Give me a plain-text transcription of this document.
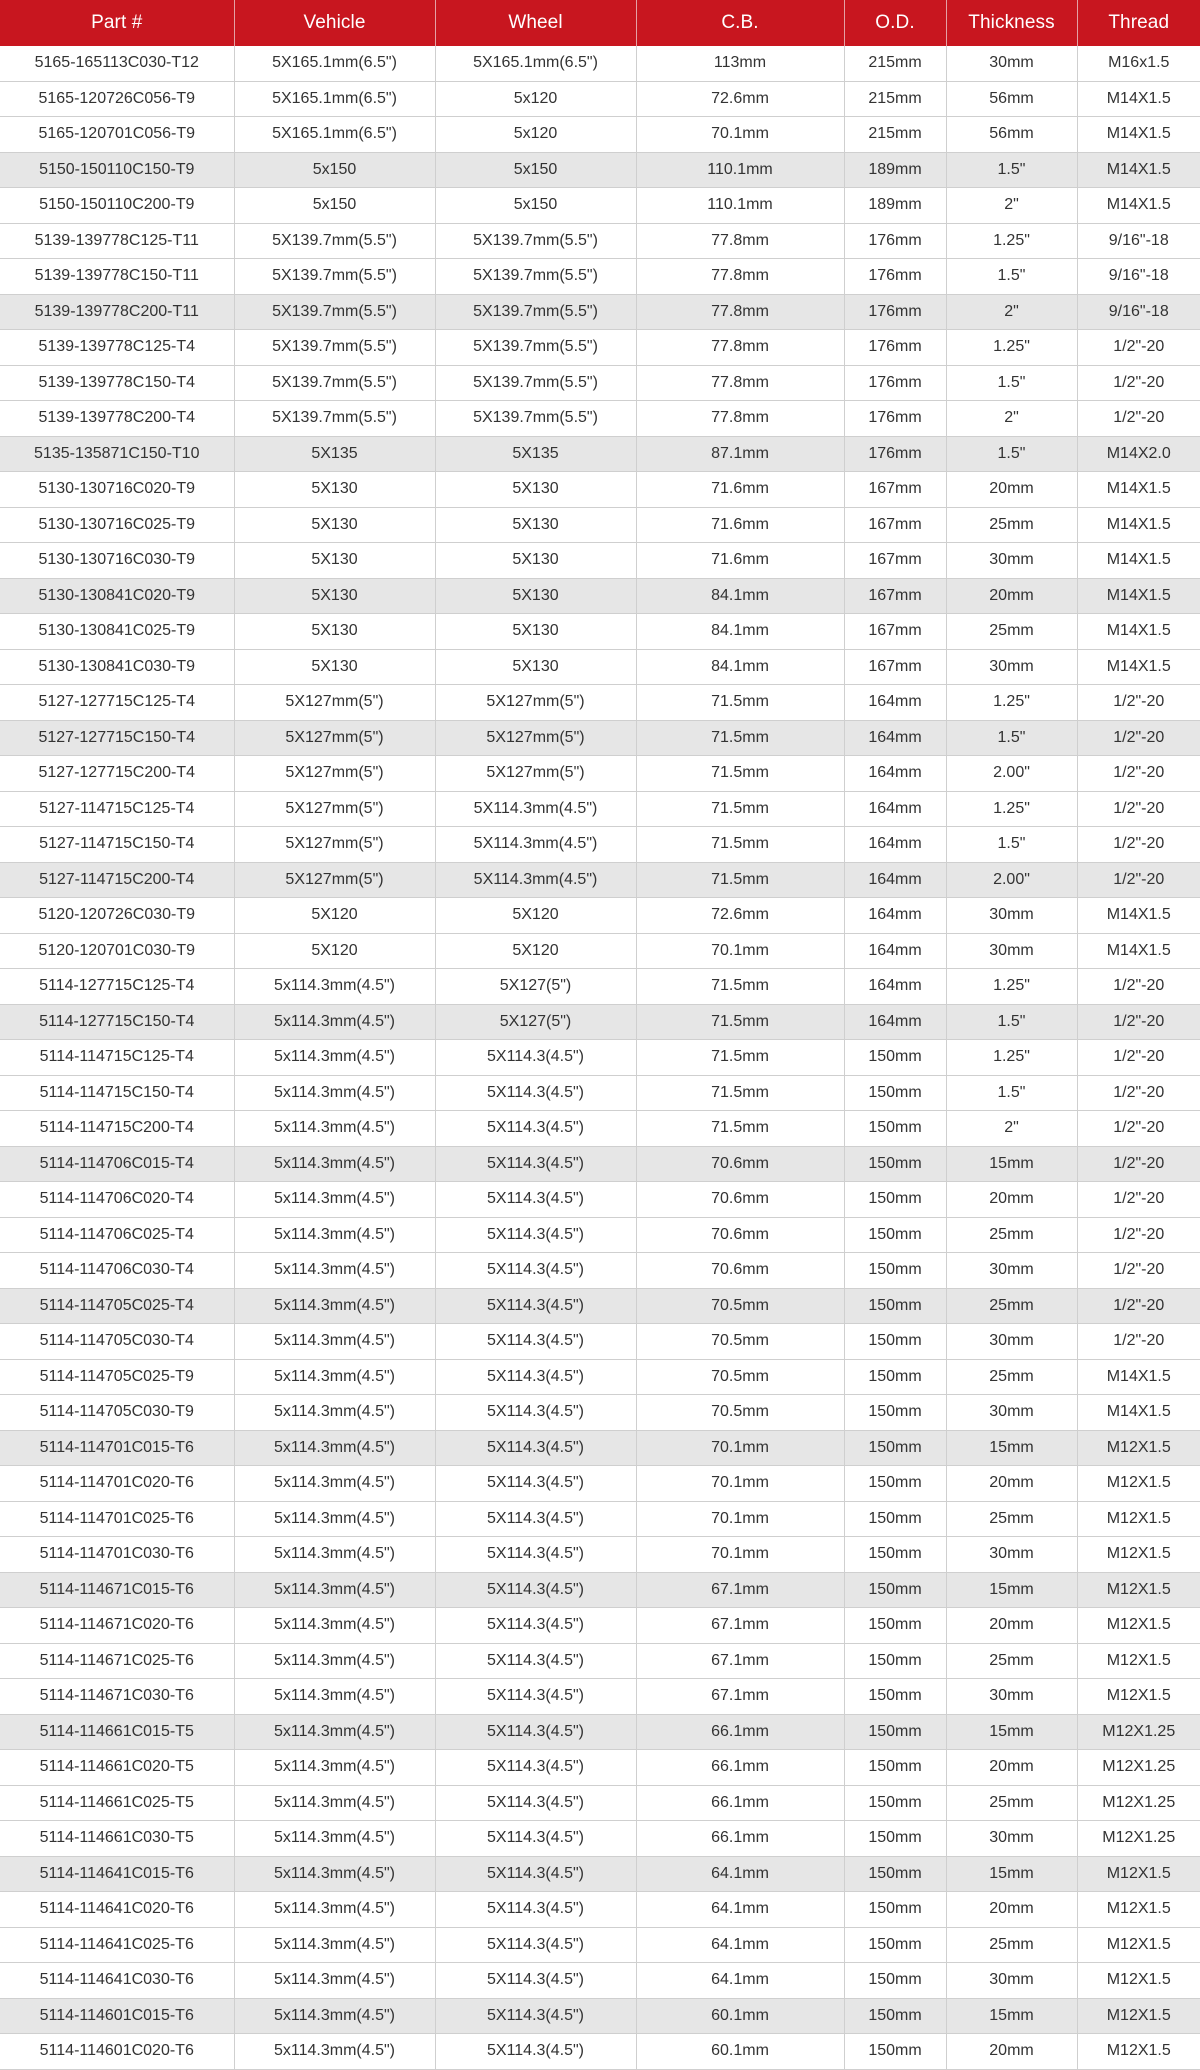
Part #	Vehicle	Wheel	C.B.	O.D.	Thickness	Thread
5165-165113C030-T12	5X165.1mm(6.5")	5X165.1mm(6.5")	113mm	215mm	30mm	M16x1.5
5165-120726C056-T9	5X165.1mm(6.5")	5x120	72.6mm	215mm	56mm	M14X1.5
5165-120701C056-T9	5X165.1mm(6.5")	5x120	70.1mm	215mm	56mm	M14X1.5
5150-150110C150-T9	5x150	5x150	110.1mm	189mm	1.5"	M14X1.5
5150-150110C200-T9	5x150	5x150	110.1mm	189mm	2"	M14X1.5
5139-139778C125-T11	5X139.7mm(5.5")	5X139.7mm(5.5")	77.8mm	176mm	1.25"	9/16"-18
5139-139778C150-T11	5X139.7mm(5.5")	5X139.7mm(5.5")	77.8mm	176mm	1.5"	9/16"-18
5139-139778C200-T11	5X139.7mm(5.5")	5X139.7mm(5.5")	77.8mm	176mm	2"	9/16"-18
5139-139778C125-T4	5X139.7mm(5.5")	5X139.7mm(5.5")	77.8mm	176mm	1.25"	1/2"-20
5139-139778C150-T4	5X139.7mm(5.5")	5X139.7mm(5.5")	77.8mm	176mm	1.5"	1/2"-20
5139-139778C200-T4	5X139.7mm(5.5")	5X139.7mm(5.5")	77.8mm	176mm	2"	1/2"-20
5135-135871C150-T10	5X135	5X135	87.1mm	176mm	1.5"	M14X2.0
5130-130716C020-T9	5X130	5X130	71.6mm	167mm	20mm	M14X1.5
5130-130716C025-T9	5X130	5X130	71.6mm	167mm	25mm	M14X1.5
5130-130716C030-T9	5X130	5X130	71.6mm	167mm	30mm	M14X1.5
5130-130841C020-T9	5X130	5X130	84.1mm	167mm	20mm	M14X1.5
5130-130841C025-T9	5X130	5X130	84.1mm	167mm	25mm	M14X1.5
5130-130841C030-T9	5X130	5X130	84.1mm	167mm	30mm	M14X1.5
5127-127715C125-T4	5X127mm(5")	5X127mm(5")	71.5mm	164mm	1.25"	1/2"-20
5127-127715C150-T4	5X127mm(5")	5X127mm(5")	71.5mm	164mm	1.5"	1/2"-20
5127-127715C200-T4	5X127mm(5")	5X127mm(5")	71.5mm	164mm	2.00"	1/2"-20
5127-114715C125-T4	5X127mm(5")	5X114.3mm(4.5")	71.5mm	164mm	1.25"	1/2"-20
5127-114715C150-T4	5X127mm(5")	5X114.3mm(4.5")	71.5mm	164mm	1.5"	1/2"-20
5127-114715C200-T4	5X127mm(5")	5X114.3mm(4.5")	71.5mm	164mm	2.00"	1/2"-20
5120-120726C030-T9	5X120	5X120	72.6mm	164mm	30mm	M14X1.5
5120-120701C030-T9	5X120	5X120	70.1mm	164mm	30mm	M14X1.5
5114-127715C125-T4	5x114.3mm(4.5")	5X127(5")	71.5mm	164mm	1.25"	1/2"-20
5114-127715C150-T4	5x114.3mm(4.5")	5X127(5")	71.5mm	164mm	1.5"	1/2"-20
5114-114715C125-T4	5x114.3mm(4.5")	5X114.3(4.5")	71.5mm	150mm	1.25"	1/2"-20
5114-114715C150-T4	5x114.3mm(4.5")	5X114.3(4.5")	71.5mm	150mm	1.5"	1/2"-20
5114-114715C200-T4	5x114.3mm(4.5")	5X114.3(4.5")	71.5mm	150mm	2"	1/2"-20
5114-114706C015-T4	5x114.3mm(4.5")	5X114.3(4.5")	70.6mm	150mm	15mm	1/2"-20
5114-114706C020-T4	5x114.3mm(4.5")	5X114.3(4.5")	70.6mm	150mm	20mm	1/2"-20
5114-114706C025-T4	5x114.3mm(4.5")	5X114.3(4.5")	70.6mm	150mm	25mm	1/2"-20
5114-114706C030-T4	5x114.3mm(4.5")	5X114.3(4.5")	70.6mm	150mm	30mm	1/2"-20
5114-114705C025-T4	5x114.3mm(4.5")	5X114.3(4.5")	70.5mm	150mm	25mm	1/2"-20
5114-114705C030-T4	5x114.3mm(4.5")	5X114.3(4.5")	70.5mm	150mm	30mm	1/2"-20
5114-114705C025-T9	5x114.3mm(4.5")	5X114.3(4.5")	70.5mm	150mm	25mm	M14X1.5
5114-114705C030-T9	5x114.3mm(4.5")	5X114.3(4.5")	70.5mm	150mm	30mm	M14X1.5
5114-114701C015-T6	5x114.3mm(4.5")	5X114.3(4.5")	70.1mm	150mm	15mm	M12X1.5
5114-114701C020-T6	5x114.3mm(4.5")	5X114.3(4.5")	70.1mm	150mm	20mm	M12X1.5
5114-114701C025-T6	5x114.3mm(4.5")	5X114.3(4.5")	70.1mm	150mm	25mm	M12X1.5
5114-114701C030-T6	5x114.3mm(4.5")	5X114.3(4.5")	70.1mm	150mm	30mm	M12X1.5
5114-114671C015-T6	5x114.3mm(4.5")	5X114.3(4.5")	67.1mm	150mm	15mm	M12X1.5
5114-114671C020-T6	5x114.3mm(4.5")	5X114.3(4.5")	67.1mm	150mm	20mm	M12X1.5
5114-114671C025-T6	5x114.3mm(4.5")	5X114.3(4.5")	67.1mm	150mm	25mm	M12X1.5
5114-114671C030-T6	5x114.3mm(4.5")	5X114.3(4.5")	67.1mm	150mm	30mm	M12X1.5
5114-114661C015-T5	5x114.3mm(4.5")	5X114.3(4.5")	66.1mm	150mm	15mm	M12X1.25
5114-114661C020-T5	5x114.3mm(4.5")	5X114.3(4.5")	66.1mm	150mm	20mm	M12X1.25
5114-114661C025-T5	5x114.3mm(4.5")	5X114.3(4.5")	66.1mm	150mm	25mm	M12X1.25
5114-114661C030-T5	5x114.3mm(4.5")	5X114.3(4.5")	66.1mm	150mm	30mm	M12X1.25
5114-114641C015-T6	5x114.3mm(4.5")	5X114.3(4.5")	64.1mm	150mm	15mm	M12X1.5
5114-114641C020-T6	5x114.3mm(4.5")	5X114.3(4.5")	64.1mm	150mm	20mm	M12X1.5
5114-114641C025-T6	5x114.3mm(4.5")	5X114.3(4.5")	64.1mm	150mm	25mm	M12X1.5
5114-114641C030-T6	5x114.3mm(4.5")	5X114.3(4.5")	64.1mm	150mm	30mm	M12X1.5
5114-114601C015-T6	5x114.3mm(4.5")	5X114.3(4.5")	60.1mm	150mm	15mm	M12X1.5
5114-114601C020-T6	5x114.3mm(4.5")	5X114.3(4.5")	60.1mm	150mm	20mm	M12X1.5
